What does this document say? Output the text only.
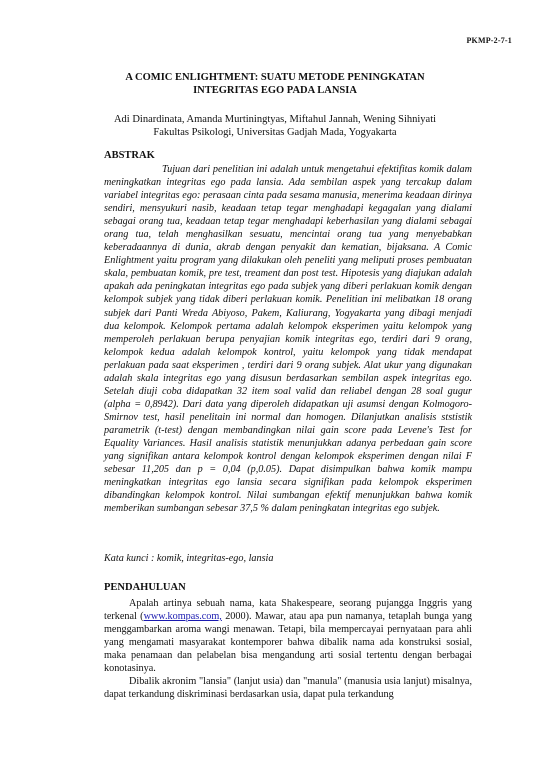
PKMP-2-7-1
A COMIC ENLIGHTMENT: SUATU METODE PENINGKATAN
INTEGRITAS EGO PADA LANSIA
Adi Dinardinata, Amanda Murtiningtyas, Miftahul Jannah, Wening Sihniyati
Fakultas Psikologi, Universitas Gadjah Mada, Yogyakarta
ABSTRAK

Tujuan dari penelitian ini adalah untuk mengetahui efektifitas komik dalam meningkatkan integritas ego pada lansia. Ada sembilan aspek yang tercakup dalam variabel integritas ego: perasaan cinta pada sesama manusia, menerima keadaan dirinya sendiri, mensyukuri nasib, keadaan tetap tegar menghadapi kegagalan yang dialami sebagai orang tua, keadaan tetap tegar menghadapi keberhasilan yang dialami sebagai orang tua, telah menghasilkan sesuatu, mencintai orang tua yang menyebabkan keberadaannya di dunia, akrab dengan penyakit dan kematian, bijaksana. A Comic Enlightment yaitu program yang dilakukan oleh peneliti yang meliputi proses pembuatan skala, pembuatan komik, pre test, treament dan post test. Hipotesis yang diajukan adalah apakah ada peningkatan integritas ego pada subjek yang diberi perlakuan komik dengan kelompok subjek yang tidak diberi perlakuan komik. Penelitian ini melibatkan 18 orang subjek dari Panti Wreda Abiyoso, Pakem, Kaliurang, Yogyakarta yang dibagi menjadi dua kelompok. Kelompok pertama adalah kelompok eksperimen yaitu kelompok yang memperoleh perlakuan berupa penyajian komik integritas ego, terdiri dari 9 orang, kelompok kedua adalah kelompok kontrol, yaitu kelompok yang tidak mendapat perlakuan pada saat eksperimen , terdiri dari 9 orang subjek. Alat ukur yang digunakan adalah skala integritas ego yang disusun berdasarkan sembilan aspek integritas ego. Setelah diuji coba didapatkan 32 item soal valid dan reliabel dengan 28 soal gugur (alpha = 0,8942). Dari data yang diperoleh didapatkan uji asumsi dengan Kolmogoro-Smirnov test, hasil penelitain ini normal dan homogen. Dilanjutkan analisis ststistik parametrik (t-test) dengan membandingkan nilai gain score pada Levene's Test for Equality Variances. Hasil analisis statistik menunjukkan adanya perbedaan gain score yang signifikan antara kelompok kontrol dengan kelompok eksperimen dengan nilai F sebesar 11,205 dan p = 0,04 (p,0.05). Dapat disimpulkan bahwa komik mampu meningkatkan integritas ego lansia secara signifikan pada kelompok eksperimen dibandingkan kelompok kontrol. Nilai sumbangan efektif menunjukkan bahwa komik memberikan sumbangan sebesar 37,5 % dalam peningkatan integritas ego subjek.

Kata kunci : komik, integritas-ego, lansia
PENDAHULUAN

Apalah artinya sebuah nama, kata Shakespeare, seorang pujangga Inggris yang terkenal (www.kompas.com, 2000). Mawar, atau apa pun namanya, tetaplah bunga yang menggambarkan aroma wangi menawan. Tetapi, bila mempercayai pernyataan para ahli yang mengamati masyarakat kontemporer bahwa dibalik nama ada konstruksi sosial, maka penamaan dan pelabelan bisa mengandung arti sosial tertentu dengan berbagai konotasinya.

Dibalik akronim "lansia" (lanjut usia) dan "manula" (manusia usia lanjut) misalnya, dapat terkandung diskriminasi berdasarkan usia, dapat pula terkandung
